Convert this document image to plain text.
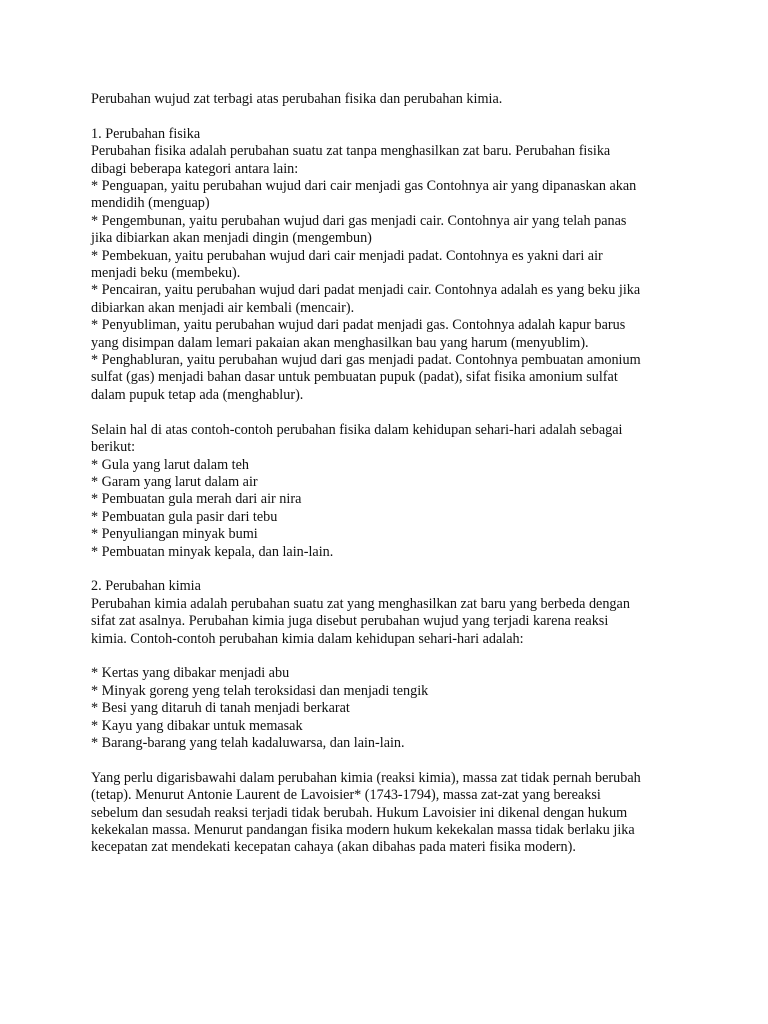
Perubahan wujud zat terbagi atas perubahan fisika dan perubahan kimia.
1. Perubahan fisika
Perubahan fisika adalah perubahan suatu zat tanpa menghasilkan zat baru. Perubahan fisika
dibagi beberapa kategori antara lain:
* Penguapan, yaitu perubahan wujud dari cair menjadi gas Contohnya air yang dipanaskan akan
mendidih (menguap)
* Pengembunan, yaitu perubahan wujud dari gas menjadi cair. Contohnya air yang telah panas
jika dibiarkan akan menjadi dingin (mengembun)
* Pembekuan, yaitu perubahan wujud dari cair menjadi padat. Contohnya es yakni dari air
menjadi beku (membeku).
* Pencairan, yaitu perubahan wujud dari padat menjadi cair. Contohnya adalah es yang beku jika
dibiarkan akan menjadi air kembali (mencair).
* Penyubliman, yaitu perubahan wujud dari padat menjadi gas. Contohnya adalah kapur barus
yang disimpan dalam lemari pakaian akan menghasilkan bau yang harum (menyublim).
* Penghabluran, yaitu perubahan wujud dari gas menjadi padat. Contohnya pembuatan amonium
sulfat (gas) menjadi bahan dasar untuk pembuatan pupuk (padat), sifat fisika amonium sulfat
dalam pupuk tetap ada (menghablur).
Selain hal di atas contoh-contoh perubahan fisika dalam kehidupan sehari-hari adalah sebagai
berikut:
* Gula yang larut dalam teh
* Garam yang larut dalam air
* Pembuatan gula merah dari air nira
* Pembuatan gula pasir dari tebu
* Penyuliangan minyak bumi
* Pembuatan minyak kepala, dan lain-lain.
2. Perubahan kimia
Perubahan kimia adalah perubahan suatu zat yang menghasilkan zat baru yang berbeda dengan
sifat zat asalnya. Perubahan kimia juga disebut perubahan wujud yang terjadi karena reaksi
kimia. Contoh-contoh perubahan kimia dalam kehidupan sehari-hari adalah:
* Kertas yang dibakar menjadi abu
* Minyak goreng yeng telah teroksidasi dan menjadi tengik
* Besi yang ditaruh di tanah menjadi berkarat
* Kayu yang dibakar untuk memasak
* Barang-barang yang telah kadaluwarsa, dan lain-lain.
Yang perlu digarisbawahi dalam perubahan kimia (reaksi kimia), massa zat tidak pernah berubah
(tetap). Menurut Antonie Laurent de Lavoisier* (1743-1794), massa zat-zat yang bereaksi
sebelum dan sesudah reaksi terjadi tidak berubah. Hukum Lavoisier ini dikenal dengan hukum
kekekalan massa. Menurut pandangan fisika modern hukum kekekalan massa tidak berlaku jika
kecepatan zat mendekati kecepatan cahaya (akan dibahas pada materi fisika modern).
